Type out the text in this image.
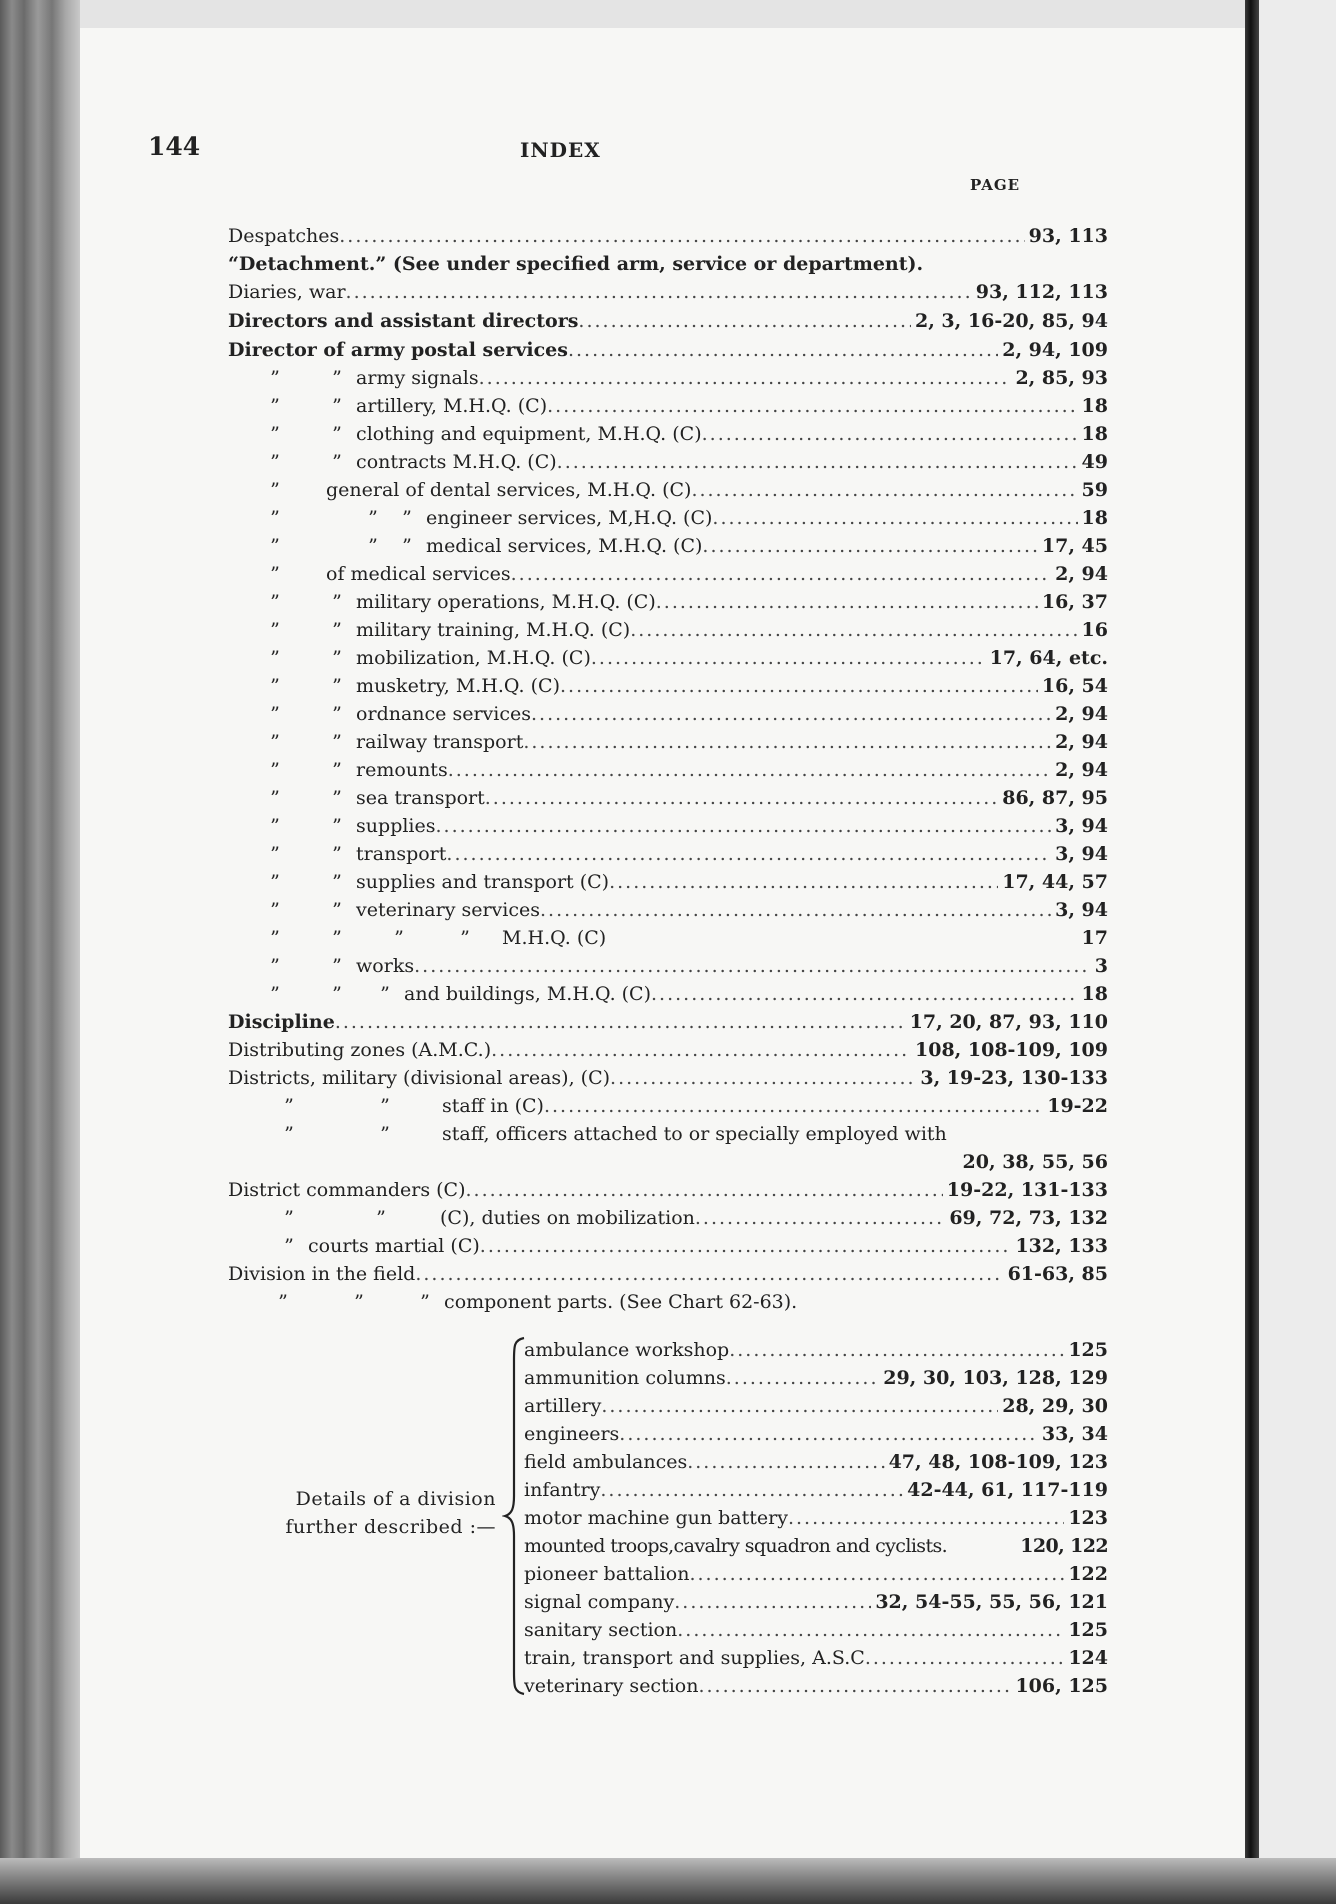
144	INDEX
PAGE
Despatches .....	93, 113
“Detachment.” (See under specified arm, service or department).
Diaries, war .....	93, 112, 113
Directors and assistant directors .....	2, 3, 16-20, 85, 94
Director of army postal services .....	2, 94, 109
”	” army signals .....	2, 85, 93
”	” artillery, M.H.Q. (C) .....	18
”	” clothing and equipment, M.H.Q. (C) .....	18
”	” contracts M.H.Q. (C) .....	49
” general of dental services, M.H.Q. (C) .....	59
”	” ” engineer services, M,H.Q. (C) .....	18
”	” ” medical services, M.H.Q. (C) .....	17, 45
” of medical services .....	2, 94
”	” military operations, M.H.Q. (C) .....	16, 37
”	” military training, M.H.Q. (C) .....	16
”	” mobilization, M.H.Q. (C) .....	17, 64, etc.
”	” musketry, M.H.Q. (C) .....	16, 54
”	” ordnance services .....	2, 94
”	” railway transport .....	2, 94
”	” remounts .....	2, 94
”	” sea transport .....	86, 87, 95
”	” supplies .....	3, 94
”	” transport .....	3, 94
”	” supplies and transport (C) .....	17, 44, 57
”	” veterinary services .....	3, 94
”	”	”	” M.H.Q. (C)	17
”	” works .....	3
”	” ” and buildings, M.H.Q. (C) .....	18
Discipline .....	17, 20, 87, 93, 110
Distributing zones (A.M.C.) .....	108, 108-109, 109
Districts, military (divisional areas), (C) .....	3, 19-23, 130-133
”	”	staff in (C) .....	19-22
”	”	staff, officers attached to or specially employed with
20, 38, 55, 56
District commanders (C) .....	19-22, 131-133
”	”	(C), duties on mobilization .....	69, 72, 73, 132
” courts martial (C) .....	132, 133
Division in the field .....	61-63, 85
”	”	” component parts. (See Chart 62-63).
Details of a division
further described :—
ambulance workshop .....	125
ammunition columns .....	29, 30, 103, 128, 129
artillery .....	28, 29, 30
engineers .....	33, 34
field ambulances .....	47, 48, 108-109, 123
infantry .....	42-44, 61, 117-119
motor machine gun battery .....	123
mounted troops,cavalry squadron and cyclists.	120, 122
pioneer battalion .....	122
signal company .....	32, 54-55, 55, 56, 121
sanitary section .....	125
train, transport and supplies, A.S.C .....	124
veterinary section .....	106, 125
